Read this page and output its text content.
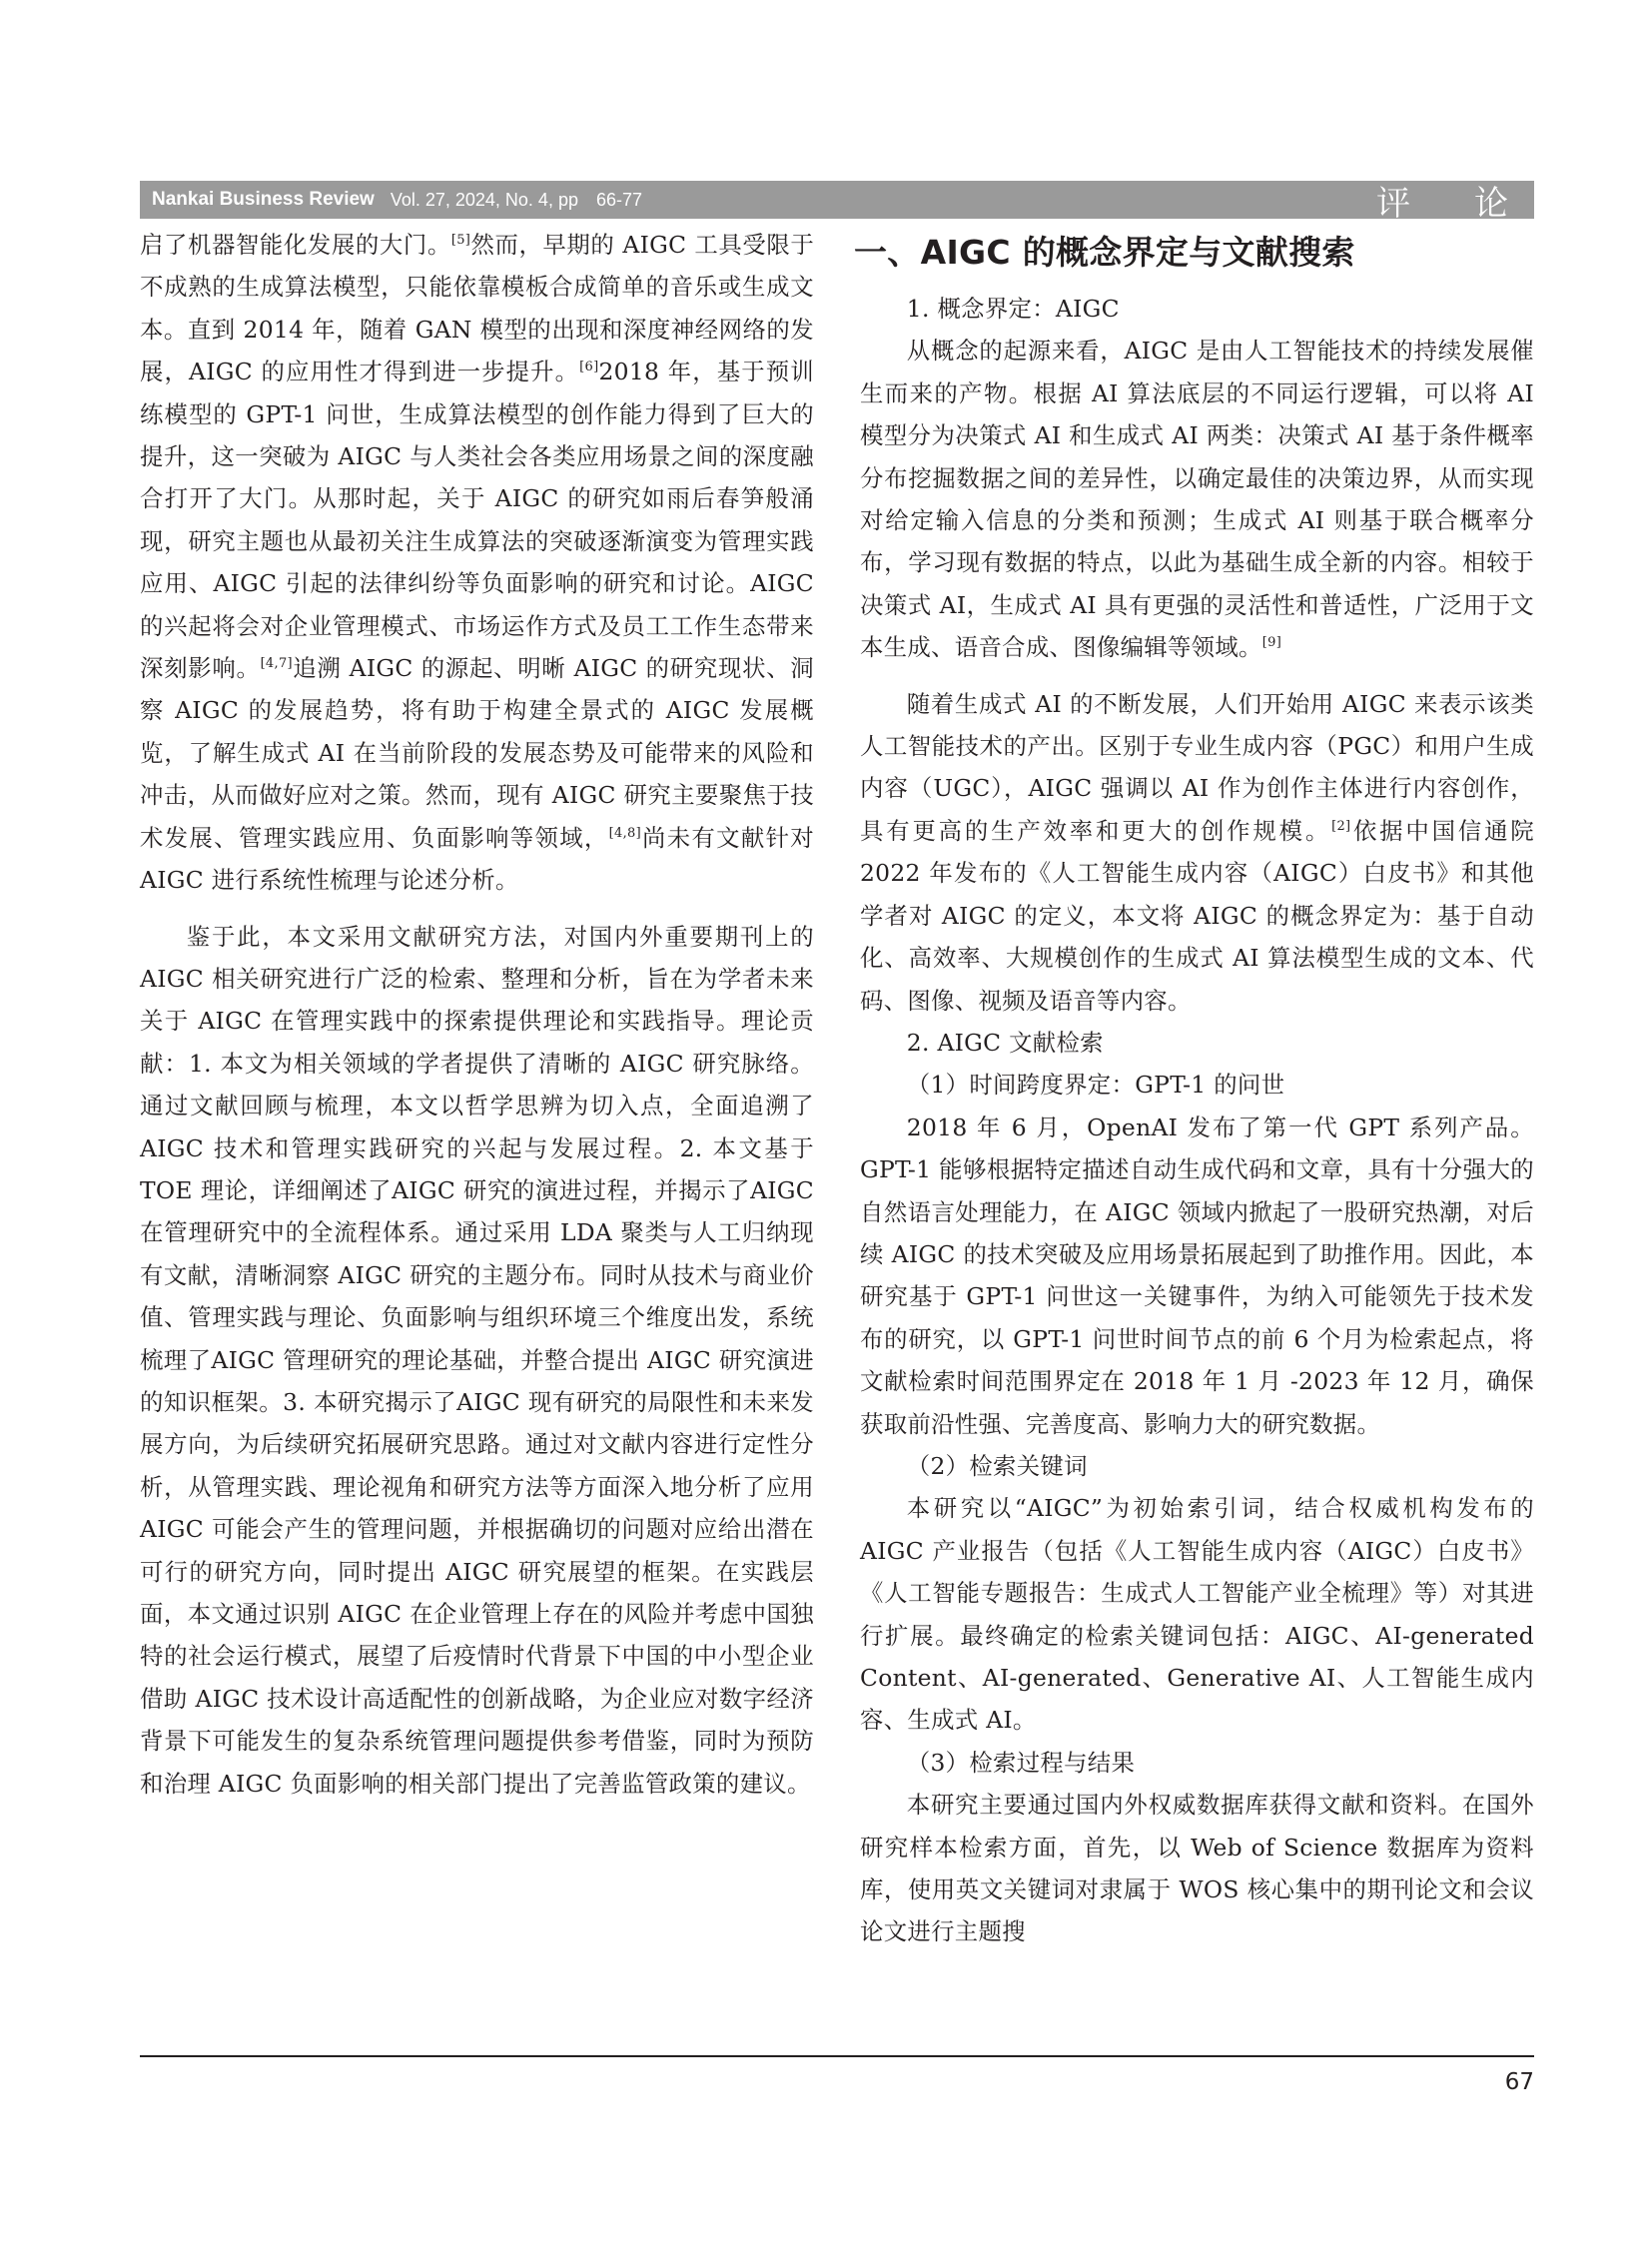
Nankai Business Review Vol. 27, 2024, No. 4, pp 66-77	评论

启了机器智能化发展的大门。[5]然而，早期的 AIGC 工具受限于不成熟的生成算法模型，只能依靠模板合成简单的音乐或生成文本。直到 2014 年，随着 GAN 模型的出现和深度神经网络的发展，AIGC 的应用性才得到进一步提升。[6]2018 年，基于预训练模型的 GPT-1 问世，生成算法模型的创作能力得到了巨大的提升，这一突破为 AIGC 与人类社会各类应用场景之间的深度融合打开了大门。从那时起，关于 AIGC 的研究如雨后春笋般涌现，研究主题也从最初关注生成算法的突破逐渐演变为管理实践应用、AIGC 引起的法律纠纷等负面影响的研究和讨论。AIGC 的兴起将会对企业管理模式、市场运作方式及员工工作生态带来深刻影响。[4,7]追溯 AIGC 的源起、明晰 AIGC 的研究现状、洞察 AIGC 的发展趋势，将有助于构建全景式的 AIGC 发展概览，了解生成式 AI 在当前阶段的发展态势及可能带来的风险和冲击，从而做好应对之策。然而，现有 AIGC 研究主要聚焦于技术发展、管理实践应用、负面影响等领域，[4,8]尚未有文献针对 AIGC 进行系统性梳理与论述分析。

鉴于此，本文采用文献研究方法，对国内外重要期刊上的 AIGC 相关研究进行广泛的检索、整理和分析，旨在为学者未来关于 AIGC 在管理实践中的探索提供理论和实践指导。理论贡献：1. 本文为相关领域的学者提供了清晰的 AIGC 研究脉络。通过文献回顾与梳理，本文以哲学思辨为切入点，全面追溯了AIGC 技术和管理实践研究的兴起与发展过程。2. 本文基于 TOE 理论，详细阐述了AIGC 研究的演进过程，并揭示了AIGC 在管理研究中的全流程体系。通过采用 LDA 聚类与人工归纳现有文献，清晰洞察 AIGC 研究的主题分布。同时从技术与商业价值、管理实践与理论、负面影响与组织环境三个维度出发，系统梳理了AIGC 管理研究的理论基础，并整合提出 AIGC 研究演进的知识框架。3. 本研究揭示了AIGC 现有研究的局限性和未来发展方向，为后续研究拓展研究思路。通过对文献内容进行定性分析，从管理实践、理论视角和研究方法等方面深入地分析了应用 AIGC 可能会产生的管理问题，并根据确切的问题对应给出潜在可行的研究方向，同时提出 AIGC 研究展望的框架。在实践层面，本文通过识别 AIGC 在企业管理上存在的风险并考虑中国独特的社会运行模式，展望了后疫情时代背景下中国的中小型企业借助 AIGC 技术设计高适配性的创新战略，为企业应对数字经济背景下可能发生的复杂系统管理问题提供参考借鉴，同时为预防和治理 AIGC 负面影响的相关部门提出了完善监管政策的建议。

一、AIGC 的概念界定与文献搜索

1. 概念界定：AIGC

从概念的起源来看，AIGC 是由人工智能技术的持续发展催生而来的产物。根据 AI 算法底层的不同运行逻辑，可以将 AI 模型分为决策式 AI 和生成式 AI 两类：决策式 AI 基于条件概率分布挖掘数据之间的差异性，以确定最佳的决策边界，从而实现对给定输入信息的分类和预测；生成式 AI 则基于联合概率分布，学习现有数据的特点，以此为基础生成全新的内容。相较于决策式 AI，生成式 AI 具有更强的灵活性和普适性，广泛用于文本生成、语音合成、图像编辑等领域。[9]

随着生成式 AI 的不断发展，人们开始用 AIGC 来表示该类人工智能技术的产出。区别于专业生成内容（PGC）和用户生成内容（UGC），AIGC 强调以 AI 作为创作主体进行内容创作，具有更高的生产效率和更大的创作规模。[2]依据中国信通院 2022 年发布的《人工智能生成内容（AIGC）白皮书》和其他学者对 AIGC 的定义，本文将 AIGC 的概念界定为：基于自动化、高效率、大规模创作的生成式 AI 算法模型生成的文本、代码、图像、视频及语音等内容。

2. AIGC 文献检索

（1）时间跨度界定：GPT-1 的问世

2018 年 6 月，OpenAI 发布了第一代 GPT 系列产品。GPT-1 能够根据特定描述自动生成代码和文章，具有十分强大的自然语言处理能力，在 AIGC 领域内掀起了一股研究热潮，对后续 AIGC 的技术突破及应用场景拓展起到了助推作用。因此，本研究基于 GPT-1 问世这一关键事件，为纳入可能领先于技术发布的研究，以 GPT-1 问世时间节点的前 6 个月为检索起点，将文献检索时间范围界定在 2018 年 1 月 -2023 年 12 月，确保获取前沿性强、完善度高、影响力大的研究数据。

（2）检索关键词

本研究以“AIGC”为初始索引词，结合权威机构发布的 AIGC 产业报告（包括《人工智能生成内容（AIGC）白皮书》《人工智能专题报告：生成式人工智能产业全梳理》等）对其进行扩展。最终确定的检索关键词包括：AIGC、AI-generated Content、AI-generated、Generative AI、人工智能生成内容、生成式 AI。

（3）检索过程与结果

本研究主要通过国内外权威数据库获得文献和资料。在国外研究样本检索方面，首先，以 Web of Science 数据库为资料库，使用英文关键词对隶属于 WOS 核心集中的期刊论文和会议论文进行主题搜

67
